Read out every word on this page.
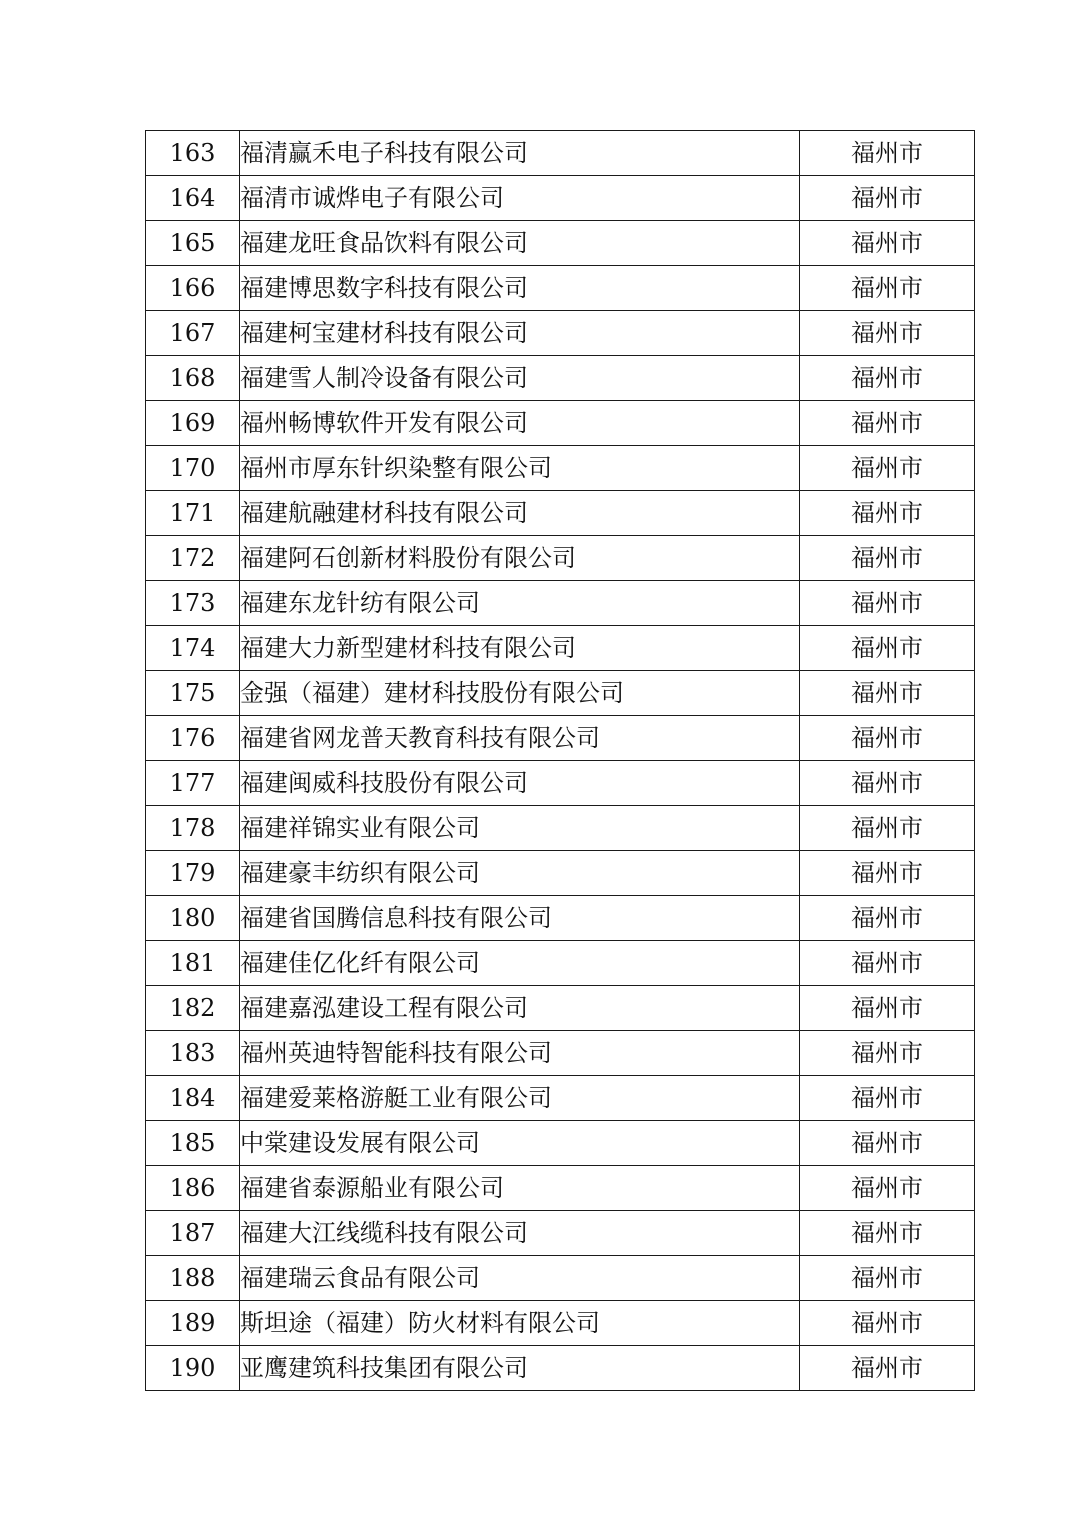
163	福清赢禾电子科技有限公司	福州市
164	福清市诚烨电子有限公司	福州市
165	福建龙旺食品饮料有限公司	福州市
166	福建博思数字科技有限公司	福州市
167	福建柯宝建材科技有限公司	福州市
168	福建雪人制冷设备有限公司	福州市
169	福州畅博软件开发有限公司	福州市
170	福州市厚东针织染整有限公司	福州市
171	福建航融建材科技有限公司	福州市
172	福建阿石创新材料股份有限公司	福州市
173	福建东龙针纺有限公司	福州市
174	福建大力新型建材科技有限公司	福州市
175	金强（福建）建材科技股份有限公司	福州市
176	福建省网龙普天教育科技有限公司	福州市
177	福建闽威科技股份有限公司	福州市
178	福建祥锦实业有限公司	福州市
179	福建豪丰纺织有限公司	福州市
180	福建省国腾信息科技有限公司	福州市
181	福建佳亿化纤有限公司	福州市
182	福建嘉泓建设工程有限公司	福州市
183	福州英迪特智能科技有限公司	福州市
184	福建爱莱格游艇工业有限公司	福州市
185	中棠建设发展有限公司	福州市
186	福建省泰源船业有限公司	福州市
187	福建大江线缆科技有限公司	福州市
188	福建瑞云食品有限公司	福州市
189	斯坦途（福建）防火材料有限公司	福州市
190	亚鹰建筑科技集团有限公司	福州市
